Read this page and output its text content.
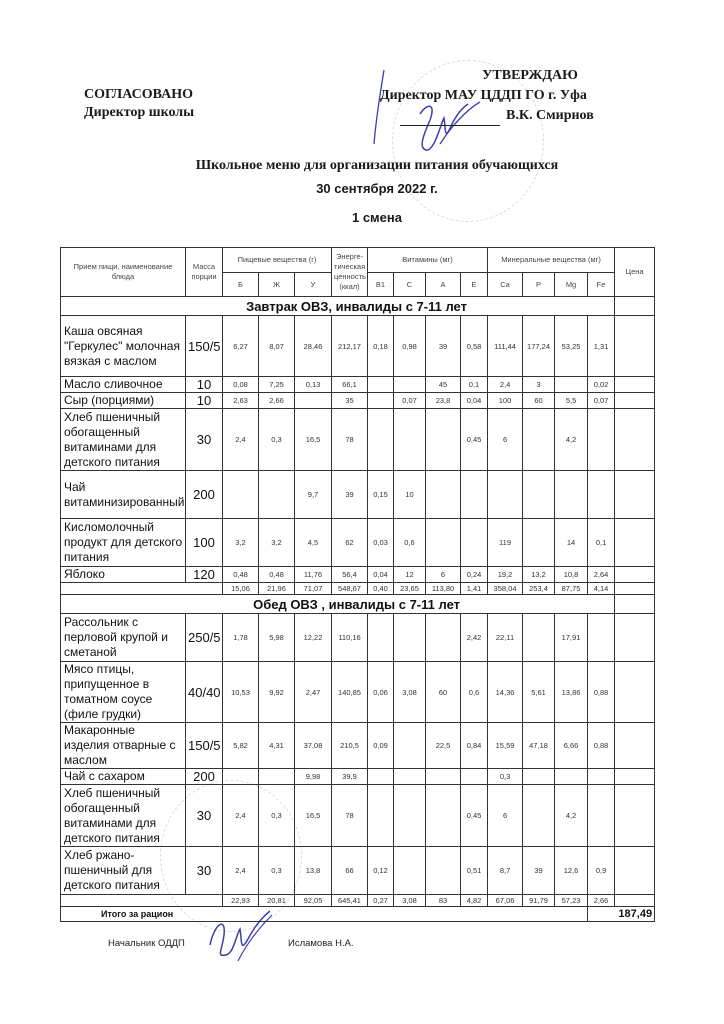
СОГЛАСОВАНО
Директор школы
УТВЕРЖДАЮ
Директор МАУ ЦДДП ГО г. Уфа
В.К. Смирнов
Школьное меню для организации питания обучающихся
30 сентября 2022 г.
1 смена
Прием пищи, наименование блюда	Масса порции	Пищевые вещества (г)			Энерге-тическая ценность (ккал)	Витамины (мг)				Минеральные вещества (мг)				Цена
		Б	Ж	У		B1	C	A	E	Ca	P	Mg	Fe	
Завтрак ОВЗ, инвалиды с 7-11 лет														
Каша овсяная "Геркулес" молочная вязкая с маслом	150/5	6,27	8,07	28,46	212,17	0,18	0,98	39	0,58	111,44	177,24	53,25	1,31	
Масло сливочное	10	0,08	7,25	0,13	66,1			45	0,1	2,4	3		0,02	
Сыр (порциями)	10	2,63	2,66		35		0,07	23,8	0,04	100	60	5,5	0,07	
Хлеб пшеничный обогащенный витаминами для детского питания	30	2,4	0,3	16,5	78				0,45	6		4,2		
Чай витаминизированный	200			9,7	39	0,15	10							
Кисломолочный продукт для детского питания	100	3,2	3,2	4,5	62	0,03	0,6			119		14	0,1	
Яблоко	120	0,48	0,48	11,76	56,4	0,04	12	6	0,24	19,2	13,2	10,8	2,64	
		15,06	21,96	71,07	548,67	0,40	23,65	113,80	1,41	358,04	253,4	87,75	4,14	
Обед ОВЗ , инвалиды с 7-11 лет														
Рассольник с перловой крупой и сметаной	250/5	1,78	5,98	12,22	110,16				2,42	22,11		17,91		
Мясо птицы, припущенное в томатном соусе (филе грудки)	40/40	10,53	9,92	2,47	140,85	0,06	3,08	60	0,6	14,36	5,61	13,86	0,88	
Макаронные изделия отварные с маслом	150/5	5,82	4,31	37,08	210,5	0,09		22,5	0,84	15,59	47,18	6,66	0,88	
Чай с сахаром	200			9,98	39,9					0,3				
Хлеб пшеничный обогащенный витаминами для детского питания	30	2,4	0,3	16,5	78				0,45	6		4,2		
Хлеб ржано-пшеничный для детского питания	30	2,4	0,3	13,8	66	0,12			0,51	8,7	39	12,6	0,9	
		22,93	20,81	92,05	645,41	0,27	3,08	83	4,82	67,06	91,79	57,23	2,66	
Итого за рацион													187,49	
Начальник ОДДП	Исламова Н.А.
